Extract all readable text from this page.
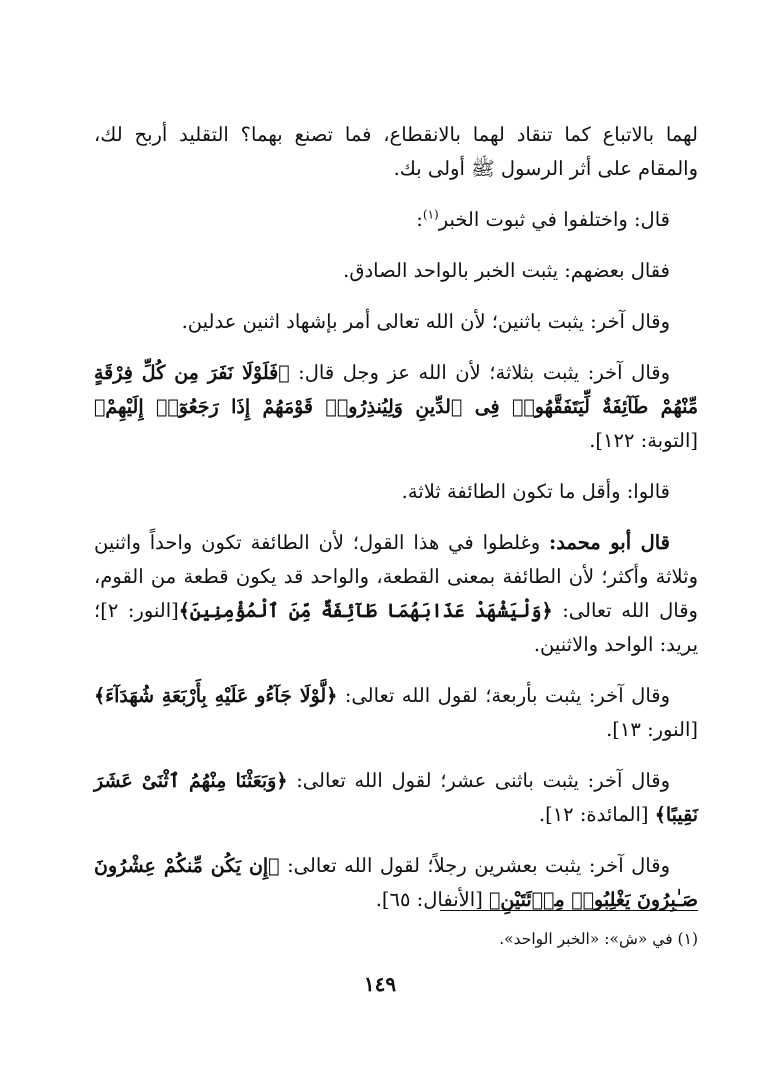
لهما بالاتباع كما تنقاد لهما بالانقطاع، فما تصنع بهما؟ التقليد أربح لك، والمقام على أثر الرسول ﷺ أولى بك.

قال: واختلفوا في ثبوت الخبر$^{(١)}$:

فقال بعضهم: يثبت الخبر بالواحد الصادق.

وقال آخر: يثبت باثنين؛ لأن الله تعالى أمر بإشهاد اثنين عدلين.

وقال آخر: يثبت بثلاثة؛ لأن الله عز وجل قال: ﴿فَلَوْلَا نَفَرَ مِن كُلِّ فِرْقَةٍ مِّنْهُمْ طَآئِفَةٌ لِّيَتَفَقَّهُوا۟ فِى ٱلدِّينِ وَلِيُنذِرُوا۟ قَوْمَهُمْ إِذَا رَجَعُوٓا۟ إِلَيْهِمْ﴾ [التوبة: ١٢٢].

قالوا: وأقل ما تكون الطائفة ثلاثة.

قال أبو محمد: وغلطوا في هذا القول؛ لأن الطائفة تكون واحداً واثنين وثلاثة وأكثر؛ لأن الطائفة بمعنى القطعة، والواحد قد يكون قطعة من القوم، وقال الله تعالى: ﴿وَلْيَشْهَدْ عَذَابَهُمَا طَآئِفَةٌ مِّنَ ٱلْمُؤْمِنِينَ﴾[النور: ٢]؛ يريد: الواحد والاثنين.

وقال آخر: يثبت بأربعة؛ لقول الله تعالى: ﴿لَّوْلَا جَآءُو عَلَيْهِ بِأَرْبَعَةِ شُهَدَآءَ﴾ [النور: ١٣].

وقال آخر: يثبت باثنى عشر؛ لقول الله تعالى: ﴿وَبَعَثْنَا مِنْهُمُ ٱثْنَىْ عَشَرَ نَقِيبًا﴾ [المائدة: ١٢].

وقال آخر: يثبت بعشرين رجلاً؛ لقول الله تعالى: ﴿إِن يَكُن مِّنكُمْ عِشْرُونَ صَـٰبِرُونَ يَغْلِبُوا۟ مِا۟ئَتَيْنِ﴾ [الأنفال: ٦٥].

(١) في «ش»: «الخبر الواحد».
١٤٩
